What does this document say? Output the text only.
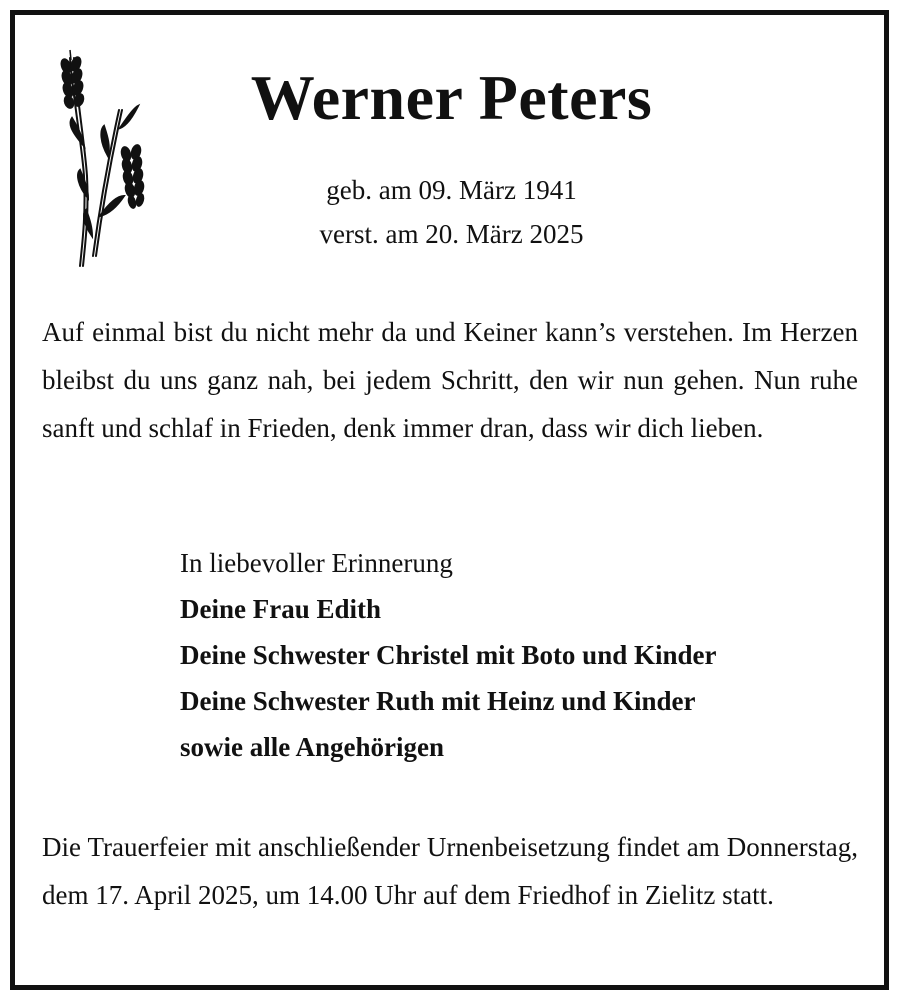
Werner Peters
geb. am 09. März 1941
verst. am 20. März 2025
Auf einmal bist du nicht mehr da und Keiner kann’s verstehen. Im Herzen bleibst du uns ganz nah, bei jedem Schritt, den wir nun gehen. Nun ruhe sanft und schlaf in Frieden, denk immer dran, dass wir dich lieben.
In liebevoller Erinnerung
Deine Frau Edith
Deine Schwester Christel mit Boto und Kinder
Deine Schwester Ruth mit Heinz und Kinder
sowie alle Angehörigen
Die Trauerfeier mit anschließender Urnenbeisetzung findet am Donnerstag, dem 17. April 2025, um 14.00 Uhr auf dem Friedhof in Zielitz statt.
